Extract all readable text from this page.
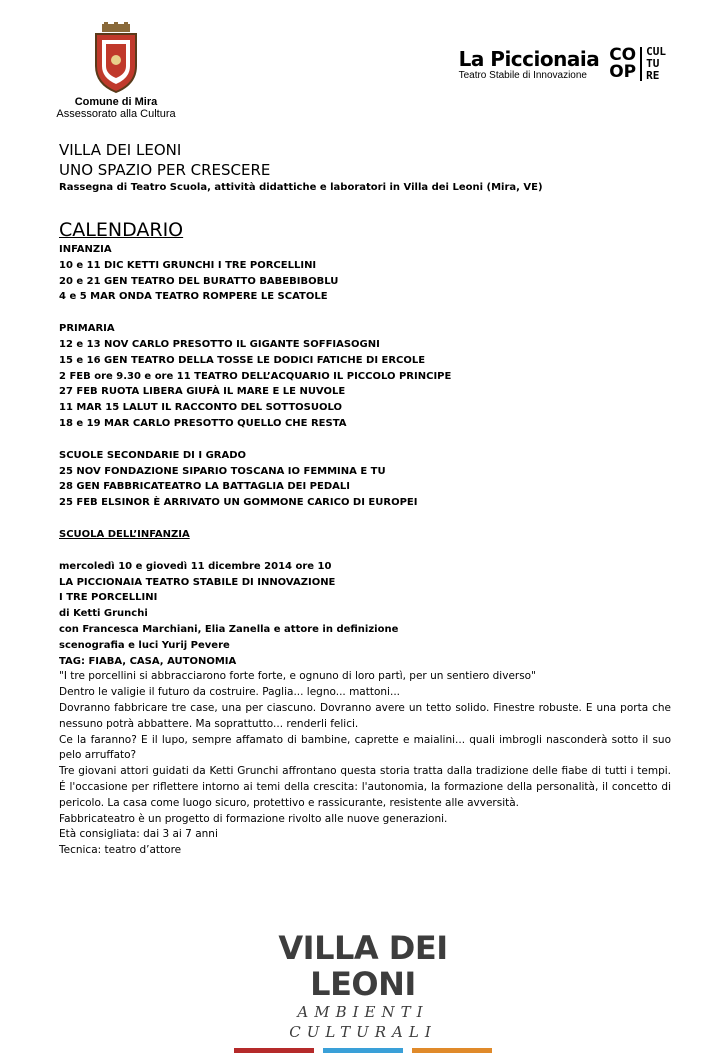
Comune di Mira
Assessorato alla Cultura
La Piccionaia
Teatro Stabile di Innovazione
CO
OP
CUL
TU
RE
VILLA DEI LEONI
UNO SPAZIO PER CRESCERE
Rassegna di Teatro Scuola, attività didattiche e laboratori in Villa dei Leoni (Mira, VE)
CALENDARIO
INFANZIA
10 e 11 DIC KETTI GRUNCHI I TRE PORCELLINI
20 e 21 GEN TEATRO DEL BURATTO BABEBIBOBLU
4 e 5 MAR ONDA TEATRO ROMPERE LE SCATOLE
PRIMARIA
12 e 13 NOV CARLO PRESOTTO IL GIGANTE SOFFIASOGNI
15 e 16 GEN TEATRO DELLA TOSSE LE DODICI FATICHE DI ERCOLE
2 FEB ore 9.30 e ore 11 TEATRO DELL’ACQUARIO IL PICCOLO PRINCIPE
27 FEB RUOTA LIBERA GIUFÀ IL MARE E LE NUVOLE
11 MAR 15 LALUT IL RACCONTO DEL SOTTOSUOLO
18 e 19 MAR CARLO PRESOTTO QUELLO CHE RESTA
SCUOLE SECONDARIE DI I GRADO
25 NOV FONDAZIONE SIPARIO TOSCANA IO FEMMINA E TU
28 GEN FABBRICATEATRO LA BATTAGLIA DEI PEDALI
25 FEB ELSINOR È ARRIVATO UN GOMMONE CARICO DI EUROPEI
SCUOLA DELL’INFANZIA
mercoledì 10 e giovedì 11 dicembre 2014 ore 10
LA PICCIONAIA TEATRO STABILE DI INNOVAZIONE
I TRE PORCELLINI
di Ketti Grunchi
con Francesca Marchiani, Elia Zanella e attore in definizione
scenografia e luci Yurij Pevere
TAG: FIABA, CASA, AUTONOMIA
"I tre porcellini si abbracciarono forte forte, e ognuno di loro partì, per un sentiero diverso"
Dentro le valigie il futuro da costruire. Paglia... legno... mattoni...
Dovranno fabbricare tre case, una per ciascuno. Dovranno avere un tetto solido. Finestre robuste. E una porta che nessuno potrà abbattere. Ma soprattutto... renderli felici.
Ce la faranno? E il lupo, sempre affamato di bambine, caprette e maialini... quali imbrogli nasconderà sotto il suo pelo arruffato?
Tre giovani attori guidati da Ketti Grunchi affrontano questa storia tratta dalla tradizione delle fiabe di tutti i tempi. É l'occasione per riflettere intorno ai temi della crescita: l'autonomia, la formazione della personalità, il concetto di pericolo. La casa come luogo sicuro, protettivo e rassicurante, resistente alle avversità.
Fabbricateatro è un progetto di formazione rivolto alle nuove generazioni.
Età consigliata: dai 3 ai 7 anni
Tecnica: teatro d’attore
VILLA DEI LEONI
AMBIENTI CULTURALI
